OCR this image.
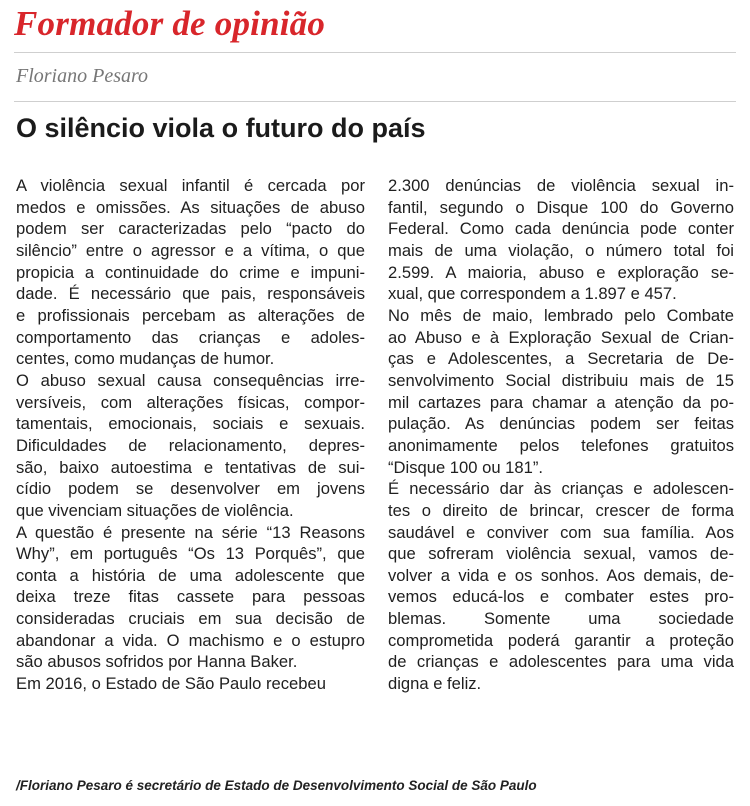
Formador de opinião
Floriano Pesaro
O silêncio viola o futuro do país
A violência sexual infantil é cercada por
medos e omissões. As situações de abuso
podem ser caracterizadas pelo “pacto do
silêncio” entre o agressor e a vítima, o que
propicia a continuidade do crime e impuni-
dade. É necessário que pais, responsáveis
e profissionais percebam as alterações de
comportamento das crianças e adoles-
centes, como mudanças de humor.
O abuso sexual causa consequências irre-
versíveis, com alterações físicas, compor-
tamentais, emocionais, sociais e sexuais.
Dificuldades de relacionamento, depres-
são, baixo autoestima e tentativas de sui-
cídio podem se desenvolver em jovens
que vivenciam situações de violência.
A questão é presente na série “13 Reasons
Why”, em português “Os 13 Porquês”, que
conta a história de uma adolescente que
deixa treze fitas cassete para pessoas
consideradas cruciais em sua decisão de
abandonar a vida. O machismo e o estupro
são abusos sofridos por Hanna Baker.
Em 2016, o Estado de São Paulo recebeu
2.300 denúncias de violência sexual in-
fantil, segundo o Disque 100 do Governo
Federal. Como cada denúncia pode conter
mais de uma violação, o número total foi
2.599. A maioria, abuso e exploração se-
xual, que correspondem a 1.897 e 457.
No mês de maio, lembrado pelo Combate
ao Abuso e à Exploração Sexual de Crian-
ças e Adolescentes, a Secretaria de De-
senvolvimento Social distribuiu mais de 15
mil cartazes para chamar a atenção da po-
pulação. As denúncias podem ser feitas
anonimamente pelos telefones gratuitos
“Disque 100 ou 181”.
É necessário dar às crianças e adolescen-
tes o direito de brincar, crescer de forma
saudável e conviver com sua família. Aos
que sofreram violência sexual, vamos de-
volver a vida e os sonhos. Aos demais, de-
vemos educá-los e combater estes pro-
blemas. Somente uma sociedade
comprometida poderá garantir a proteção
de crianças e adolescentes para uma vida
digna e feliz.
/Floriano Pesaro é secretário de Estado de Desenvolvimento Social de São Paulo
